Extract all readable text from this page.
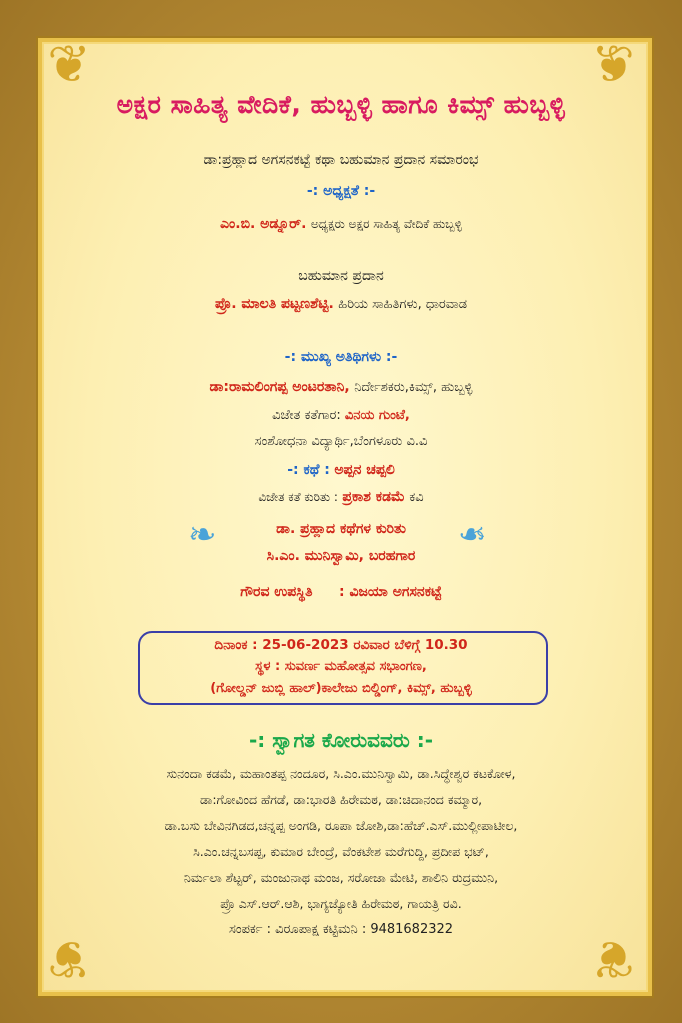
❦	❦
❦	❦
ಅಕ್ಷರ ಸಾಹಿತ್ಯ ವೇದಿಕೆ, ಹುಬ್ಬಳ್ಳಿ ಹಾಗೂ ಕಿಮ್ಸ್ ಹುಬ್ಬಳ್ಳಿ
ಡಾ:ಪ್ರಹ್ಲಾದ ಅಗಸನಕಟ್ಟೆ ಕಥಾ ಬಹುಮಾನ ಪ್ರದಾನ ಸಮಾರಂಭ
-: ಅಧ್ಯಕ್ಷತೆ :-
ಎಂ.ಬಿ. ಅಡ್ನೂರ್. ಅಧ್ಯಕ್ಷರು ಅಕ್ಷರ ಸಾಹಿತ್ಯ ವೇದಿಕೆ ಹುಬ್ಬಳ್ಳಿ
ಬಹುಮಾನ ಪ್ರದಾನ
ಪ್ರೊ. ಮಾಲತಿ ಪಟ್ಟಣಶೆಟ್ಟಿ. ಹಿರಿಯ ಸಾಹಿತಿಗಳು, ಧಾರವಾಡ
-: ಮುಖ್ಯ ಅತಿಥಿಗಳು :-
ಡಾ:ರಾಮಲಿಂಗಪ್ಪ ಅಂಟರತಾನಿ, ನಿರ್ದೇಶಕರು,ಕಿಮ್ಸ್, ಹುಬ್ಬಳ್ಳಿ
ವಿಜೇತ ಕತೆಗಾರ: ವಿನಯ ಗುಂಟೆ,
ಸಂಶೋಧನಾ ವಿದ್ಯಾರ್ಥಿ,ಬೆಂಗಳೂರು ವಿ.ವಿ
-: ಕಥೆ : ಅಪ್ಪನ ಚಪ್ಪಲಿ
ವಿಜೇತ ಕತೆ ಕುರಿತು : ಪ್ರಕಾಶ ಕಡಮೆ ಕವಿ
❧	❧
ಡಾ. ಪ್ರಹ್ಲಾದ ಕಥೆಗಳ ಕುರಿತು
ಸಿ.ಎಂ. ಮುನಿಸ್ವಾಮಿ, ಬರಹಗಾರ
ಗೌರವ ಉಪಸ್ಥಿತಿ : ವಿಜಯಾ ಅಗಸನಕಟ್ಟೆ
ದಿನಾಂಕ : 25-06-2023 ರವಿವಾರ ಬೆಳಿಗ್ಗೆ 10.30
ಸ್ಥಳ : ಸುವರ್ಣ ಮಹೋತ್ಸವ ಸಭಾಂಗಣ,
(ಗೋಲ್ಡನ್ ಜುಬ್ಲಿ ಹಾಲ್)ಕಾಲೇಜು ಬಿಲ್ಡಿಂಗ್, ಕಿಮ್ಸ್, ಹುಬ್ಬಳ್ಳಿ
-: ಸ್ವಾಗತ ಕೋರುವವರು :-
ಸುನಂದಾ ಕಡಮೆ, ಮಹಾಂತಪ್ಪ ನಂದೂರ, ಸಿ.ಎಂ.ಮುನಿಸ್ವಾಮಿ, ಡಾ.ಸಿದ್ಧೇಶ್ವರ ಕಟಕೋಳ,
ಡಾ:ಗೋವಿಂದ ಹೆಗಡೆ, ಡಾ:ಭಾರತಿ ಹಿರೇಮಠ, ಡಾ:ಚಿದಾನಂದ ಕಮ್ಮಾರ,
ಡಾ.ಬಸು ಬೇವಿನಗಿಡದ,ಚನ್ನಪ್ಪ ಅಂಗಡಿ, ರೂಪಾ ಜೋಶಿ,ಡಾ:ಹೆಚ್.ಎಸ್.ಮುಲ್ಲೀಪಾಟೀಲ,
ಸಿ.ಎಂ.ಚನ್ನಬಸಪ್ಪ, ಕುಮಾರ ಬೇಂದ್ರೆ, ವೆಂಕಟೇಶ ಮರೆಗುದ್ದಿ, ಪ್ರದೀಪ ಭಟ್,
ನಿರ್ಮಲಾ ಶೆಟ್ಟರ್, ಮಂಜುನಾಥ ಮಂಜ, ಸರೋಜಾ ಮೇಟಿ, ಶಾಲಿನಿ ರುದ್ರಮುನಿ,
ಪ್ರೊ ಎಸ್.ಆರ್.ಆಶಿ, ಭಾಗ್ಯಜ್ಯೋತಿ ಹಿರೇಮಠ, ಗಾಯತ್ರಿ ರವಿ.
ಸಂಪರ್ಕ : ವಿರೂಪಾಕ್ಷ ಕಟ್ಟಿಮನಿ : 9481682322
